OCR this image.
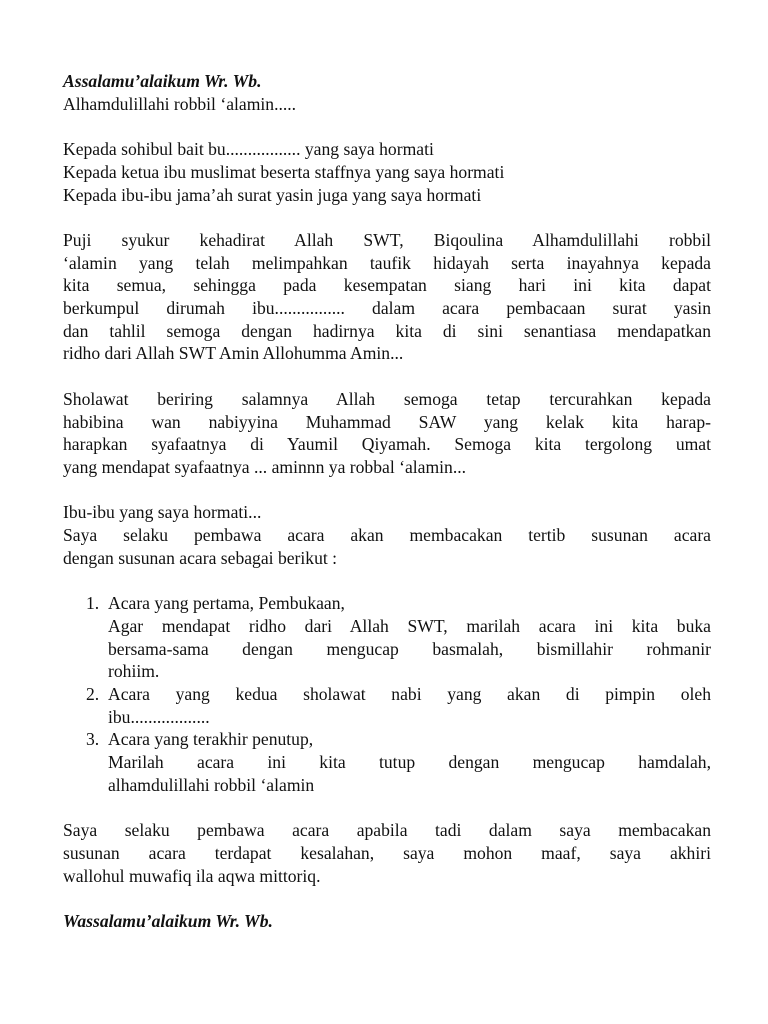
Assalamu’alaikum Wr. Wb.
Alhamdulillahi robbil ‘alamin.....
Kepada sohibul bait bu................. yang saya hormati
Kepada ketua ibu muslimat beserta staffnya yang saya hormati
Kepada ibu-ibu jama’ah surat yasin juga yang saya hormati
Puji syukur kehadirat Allah SWT, Biqoulina Alhamdulillahi robbil
‘alamin yang telah melimpahkan taufik hidayah serta inayahnya kepada
kita semua, sehingga pada kesempatan siang hari ini kita dapat
berkumpul dirumah ibu................ dalam acara pembacaan surat yasin
dan tahlil semoga dengan hadirnya kita di sini senantiasa mendapatkan
ridho dari Allah SWT Amin Allohumma Amin...
Sholawat beriring salamnya Allah semoga tetap tercurahkan kepada
habibina wan nabiyyina Muhammad SAW yang kelak kita harap-
harapkan syafaatnya di Yaumil Qiyamah. Semoga kita tergolong umat
yang mendapat syafaatnya ... aminnn ya robbal ‘alamin...
Ibu-ibu yang saya hormati...
Saya selaku pembawa acara akan membacakan tertib susunan acara
dengan susunan acara sebagai berikut :
1. Acara yang pertama, Pembukaan,
Agar mendapat ridho dari Allah SWT, marilah acara ini kita buka
bersama-sama dengan mengucap basmalah, bismillahir rohmanir
rohiim.
2. Acara yang kedua sholawat nabi yang akan di pimpin oleh
ibu..................
3. Acara yang terakhir penutup,
Marilah acara ini kita tutup dengan mengucap hamdalah,
alhamdulillahi robbil ‘alamin
Saya selaku pembawa acara apabila tadi dalam saya membacakan
susunan acara terdapat kesalahan, saya mohon maaf, saya akhiri
wallohul muwafiq ila aqwa mittoriq.
Wassalamu’alaikum Wr. Wb.
